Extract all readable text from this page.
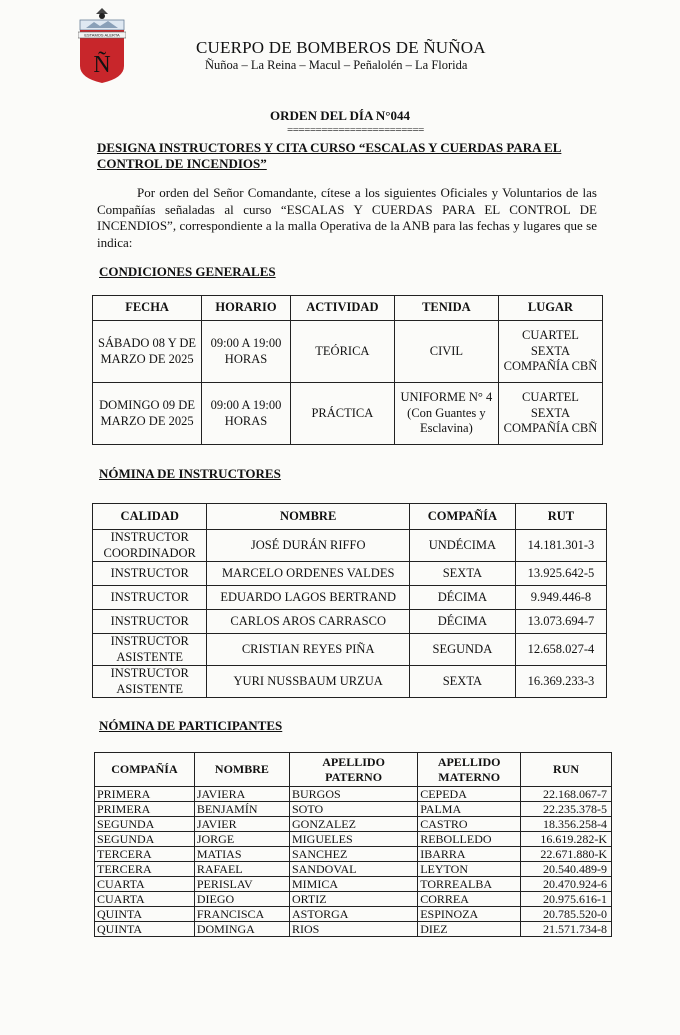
ESTAMOS ALERTA
Ñ
CUERPO DE BOMBEROS DE ÑUÑOA
Ñuñoa – La Reina – Macul – Peñalolén – La Florida
ORDEN DEL DÍA N°044
========================
DESIGNA INSTRUCTORES Y CITA CURSO “ESCALAS Y CUERDAS PARA EL CONTROL DE INCENDIOS”
Por orden del Señor Comandante, cítese a los siguientes Oficiales y Voluntarios de las Compañías señaladas al curso “ESCALAS Y CUERDAS PARA EL CONTROL DE INCENDIOS”, correspondiente a la malla Operativa de la ANB para las fechas y lugares que se indica:
CONDICIONES GENERALES
FECHA	HORARIO	ACTIVIDAD	TENIDA	LUGAR
SÁBADO 08 Y DE MARZO DE 2025	09:00 A 19:00 HORAS	TEÓRICA	CIVIL	CUARTEL SEXTA COMPAÑÍA CBÑ
DOMINGO 09 DE MARZO DE 2025	09:00 A 19:00 HORAS	PRÁCTICA	UNIFORME N° 4 (Con Guantes y Esclavina)	CUARTEL SEXTA COMPAÑÍA CBÑ
NÓMINA DE INSTRUCTORES
CALIDAD	NOMBRE	COMPAÑÍA	RUT
INSTRUCTOR COORDINADOR	JOSÉ DURÁN RIFFO	UNDÉCIMA	14.181.301-3
INSTRUCTOR	MARCELO ORDENES VALDES	SEXTA	13.925.642-5
INSTRUCTOR	EDUARDO LAGOS BERTRAND	DÉCIMA	9.949.446-8
INSTRUCTOR	CARLOS AROS CARRASCO	DÉCIMA	13.073.694-7
INSTRUCTOR ASISTENTE	CRISTIAN REYES PIÑA	SEGUNDA	12.658.027-4
INSTRUCTOR ASISTENTE	YURI NUSSBAUM URZUA	SEXTA	16.369.233-3
NÓMINA DE PARTICIPANTES
COMPAÑÍA	NOMBRE	APELLIDO PATERNO	APELLIDO MATERNO	RUN
PRIMERA	JAVIERA	BURGOS	CEPEDA	22.168.067-7
PRIMERA	BENJAMÍN	SOTO	PALMA	22.235.378-5
SEGUNDA	JAVIER	GONZALEZ	CASTRO	18.356.258-4
SEGUNDA	JORGE	MIGUELES	REBOLLEDO	16.619.282-K
TERCERA	MATIAS	SANCHEZ	IBARRA	22.671.880-K
TERCERA	RAFAEL	SANDOVAL	LEYTON	20.540.489-9
CUARTA	PERISLAV	MIMICA	TORREALBA	20.470.924-6
CUARTA	DIEGO	ORTIZ	CORREA	20.975.616-1
QUINTA	FRANCISCA	ASTORGA	ESPINOZA	20.785.520-0
QUINTA	DOMINGA	RIOS	DIEZ	21.571.734-8
